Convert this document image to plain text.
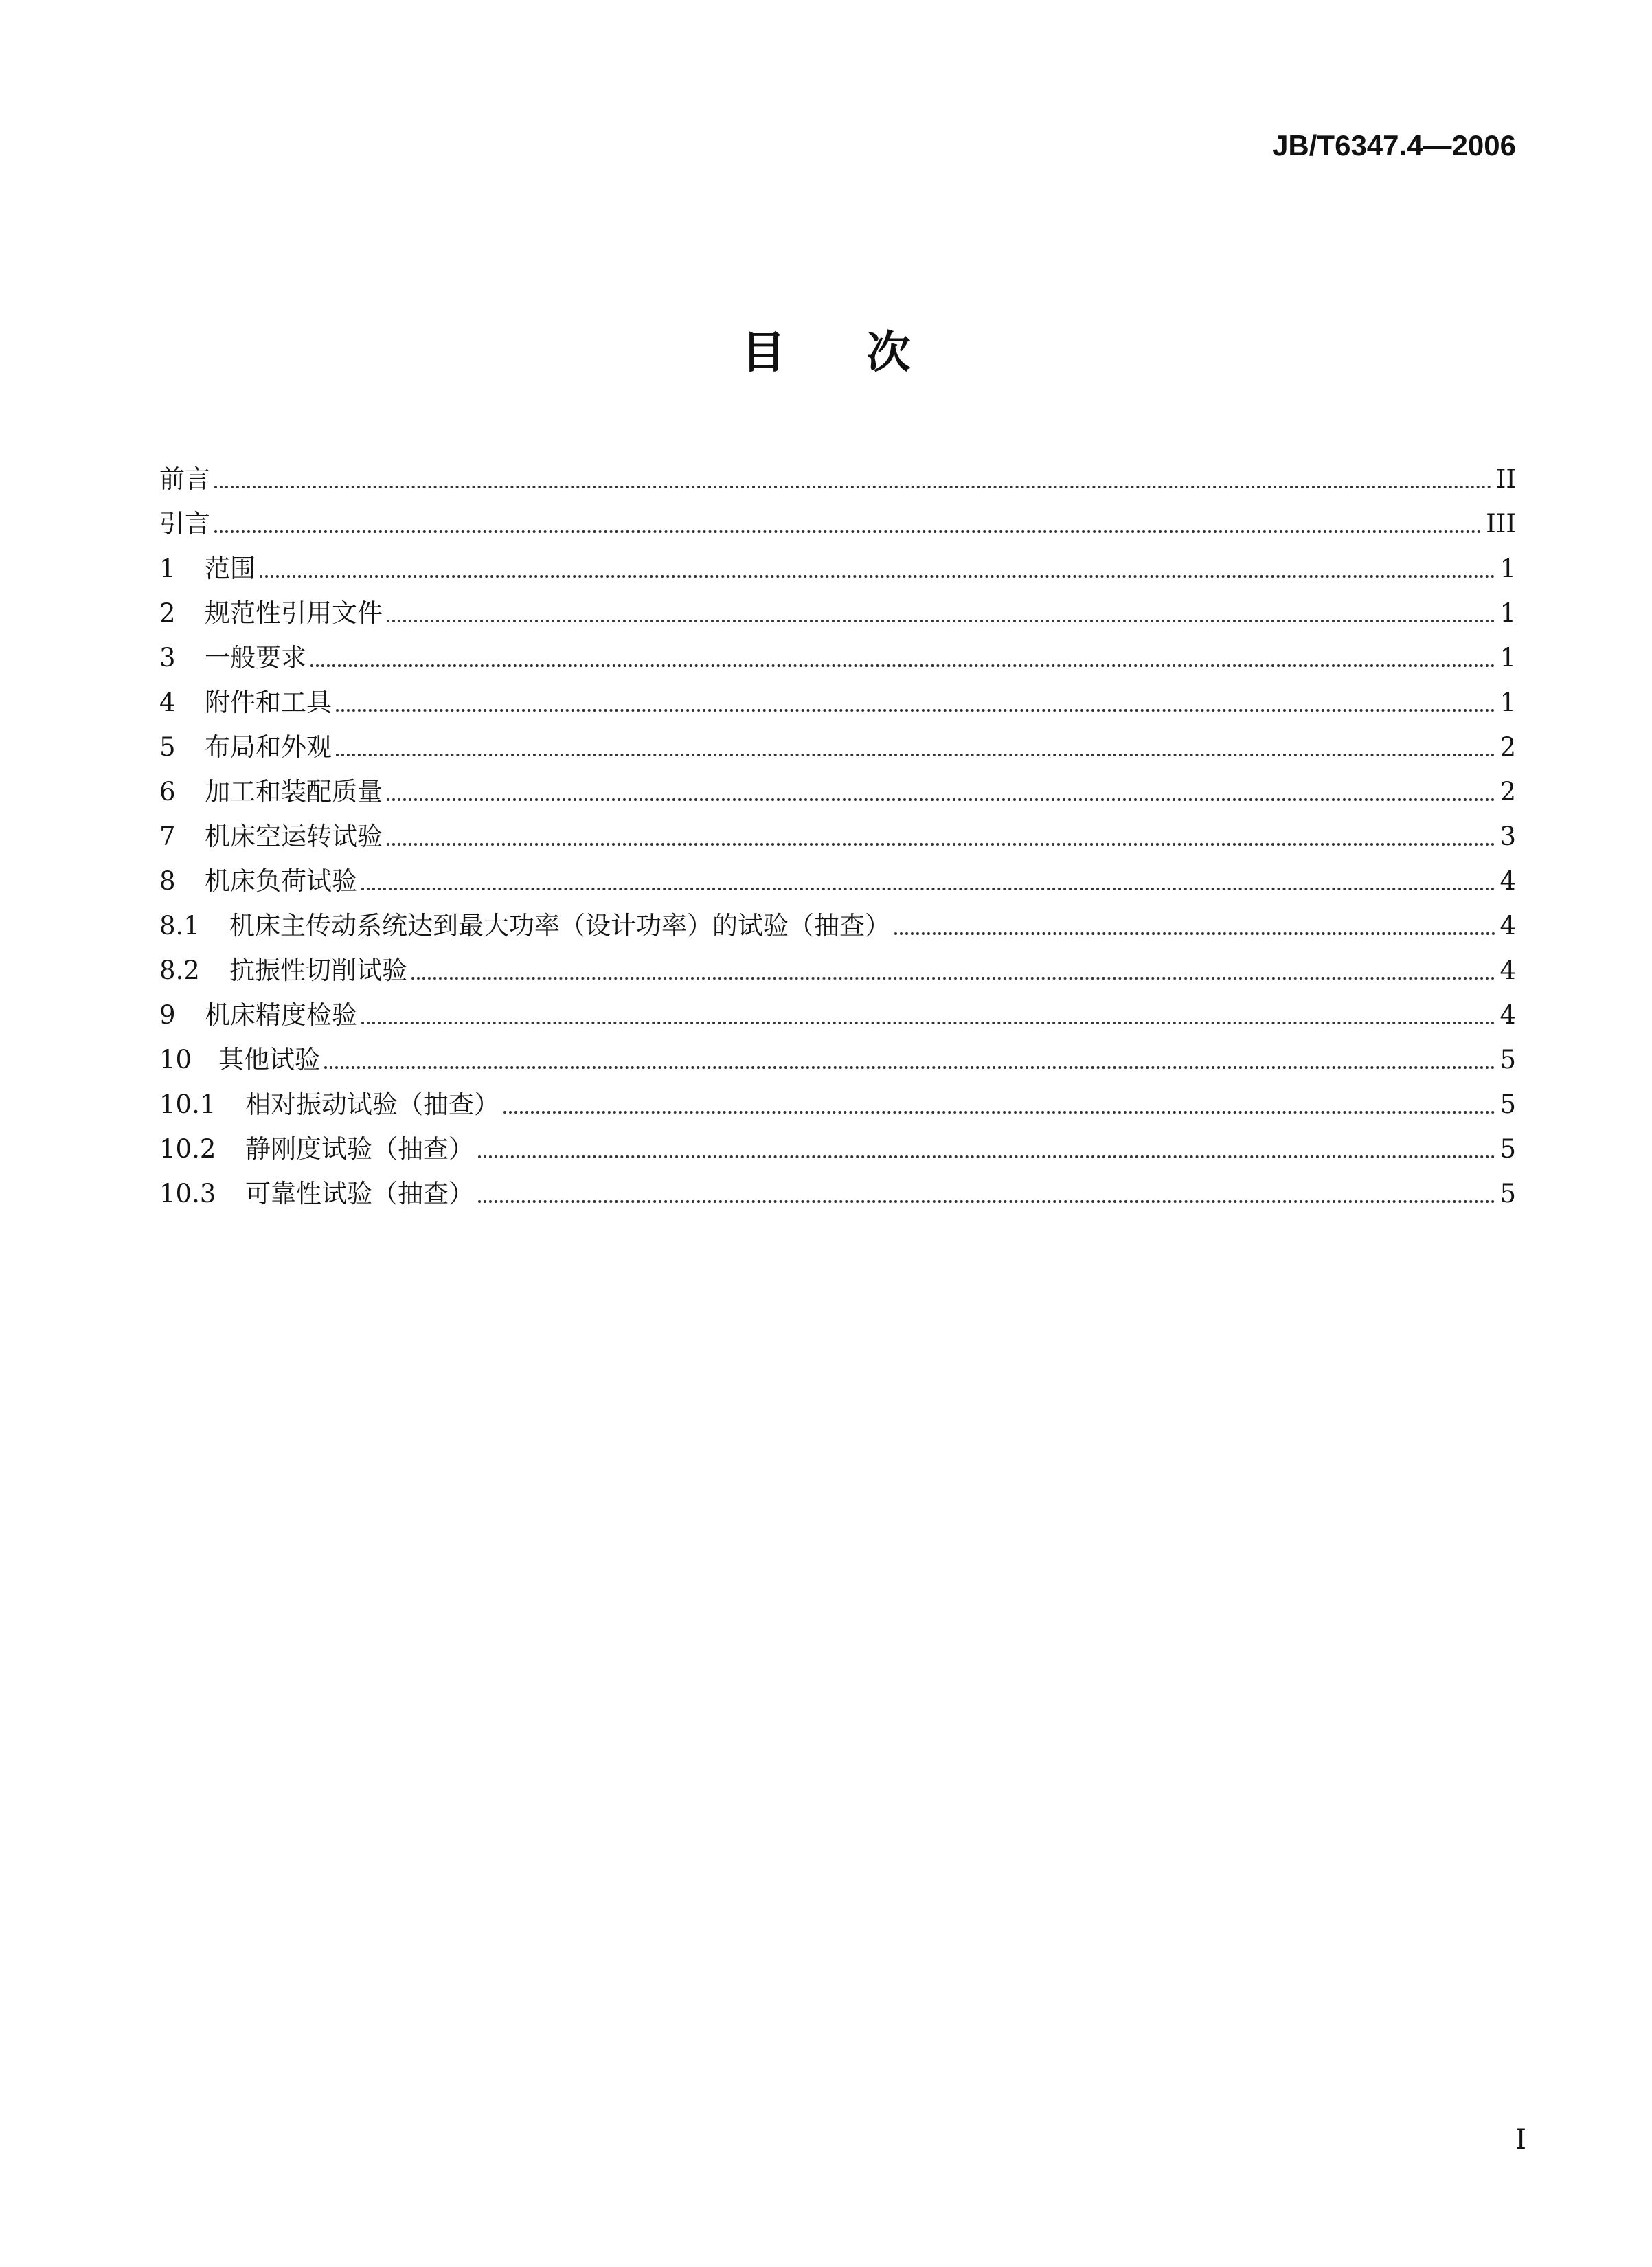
JB/T6347.4—2006
目 次
前言	II
引言	III
1	范围	1
2	规范性引用文件	1
3	一般要求	1
4	附件和工具	1
5	布局和外观	2
6	加工和装配质量	2
7	机床空运转试验	3
8	机床负荷试验	4
8.1	机床主传动系统达到最大功率（设计功率）的试验（抽查）	4
8.2	抗振性切削试验	4
9	机床精度检验	4
10	其他试验	5
10.1	相对振动试验（抽查）	5
10.2	静刚度试验（抽查）	5
10.3	可靠性试验（抽查）	5
I
